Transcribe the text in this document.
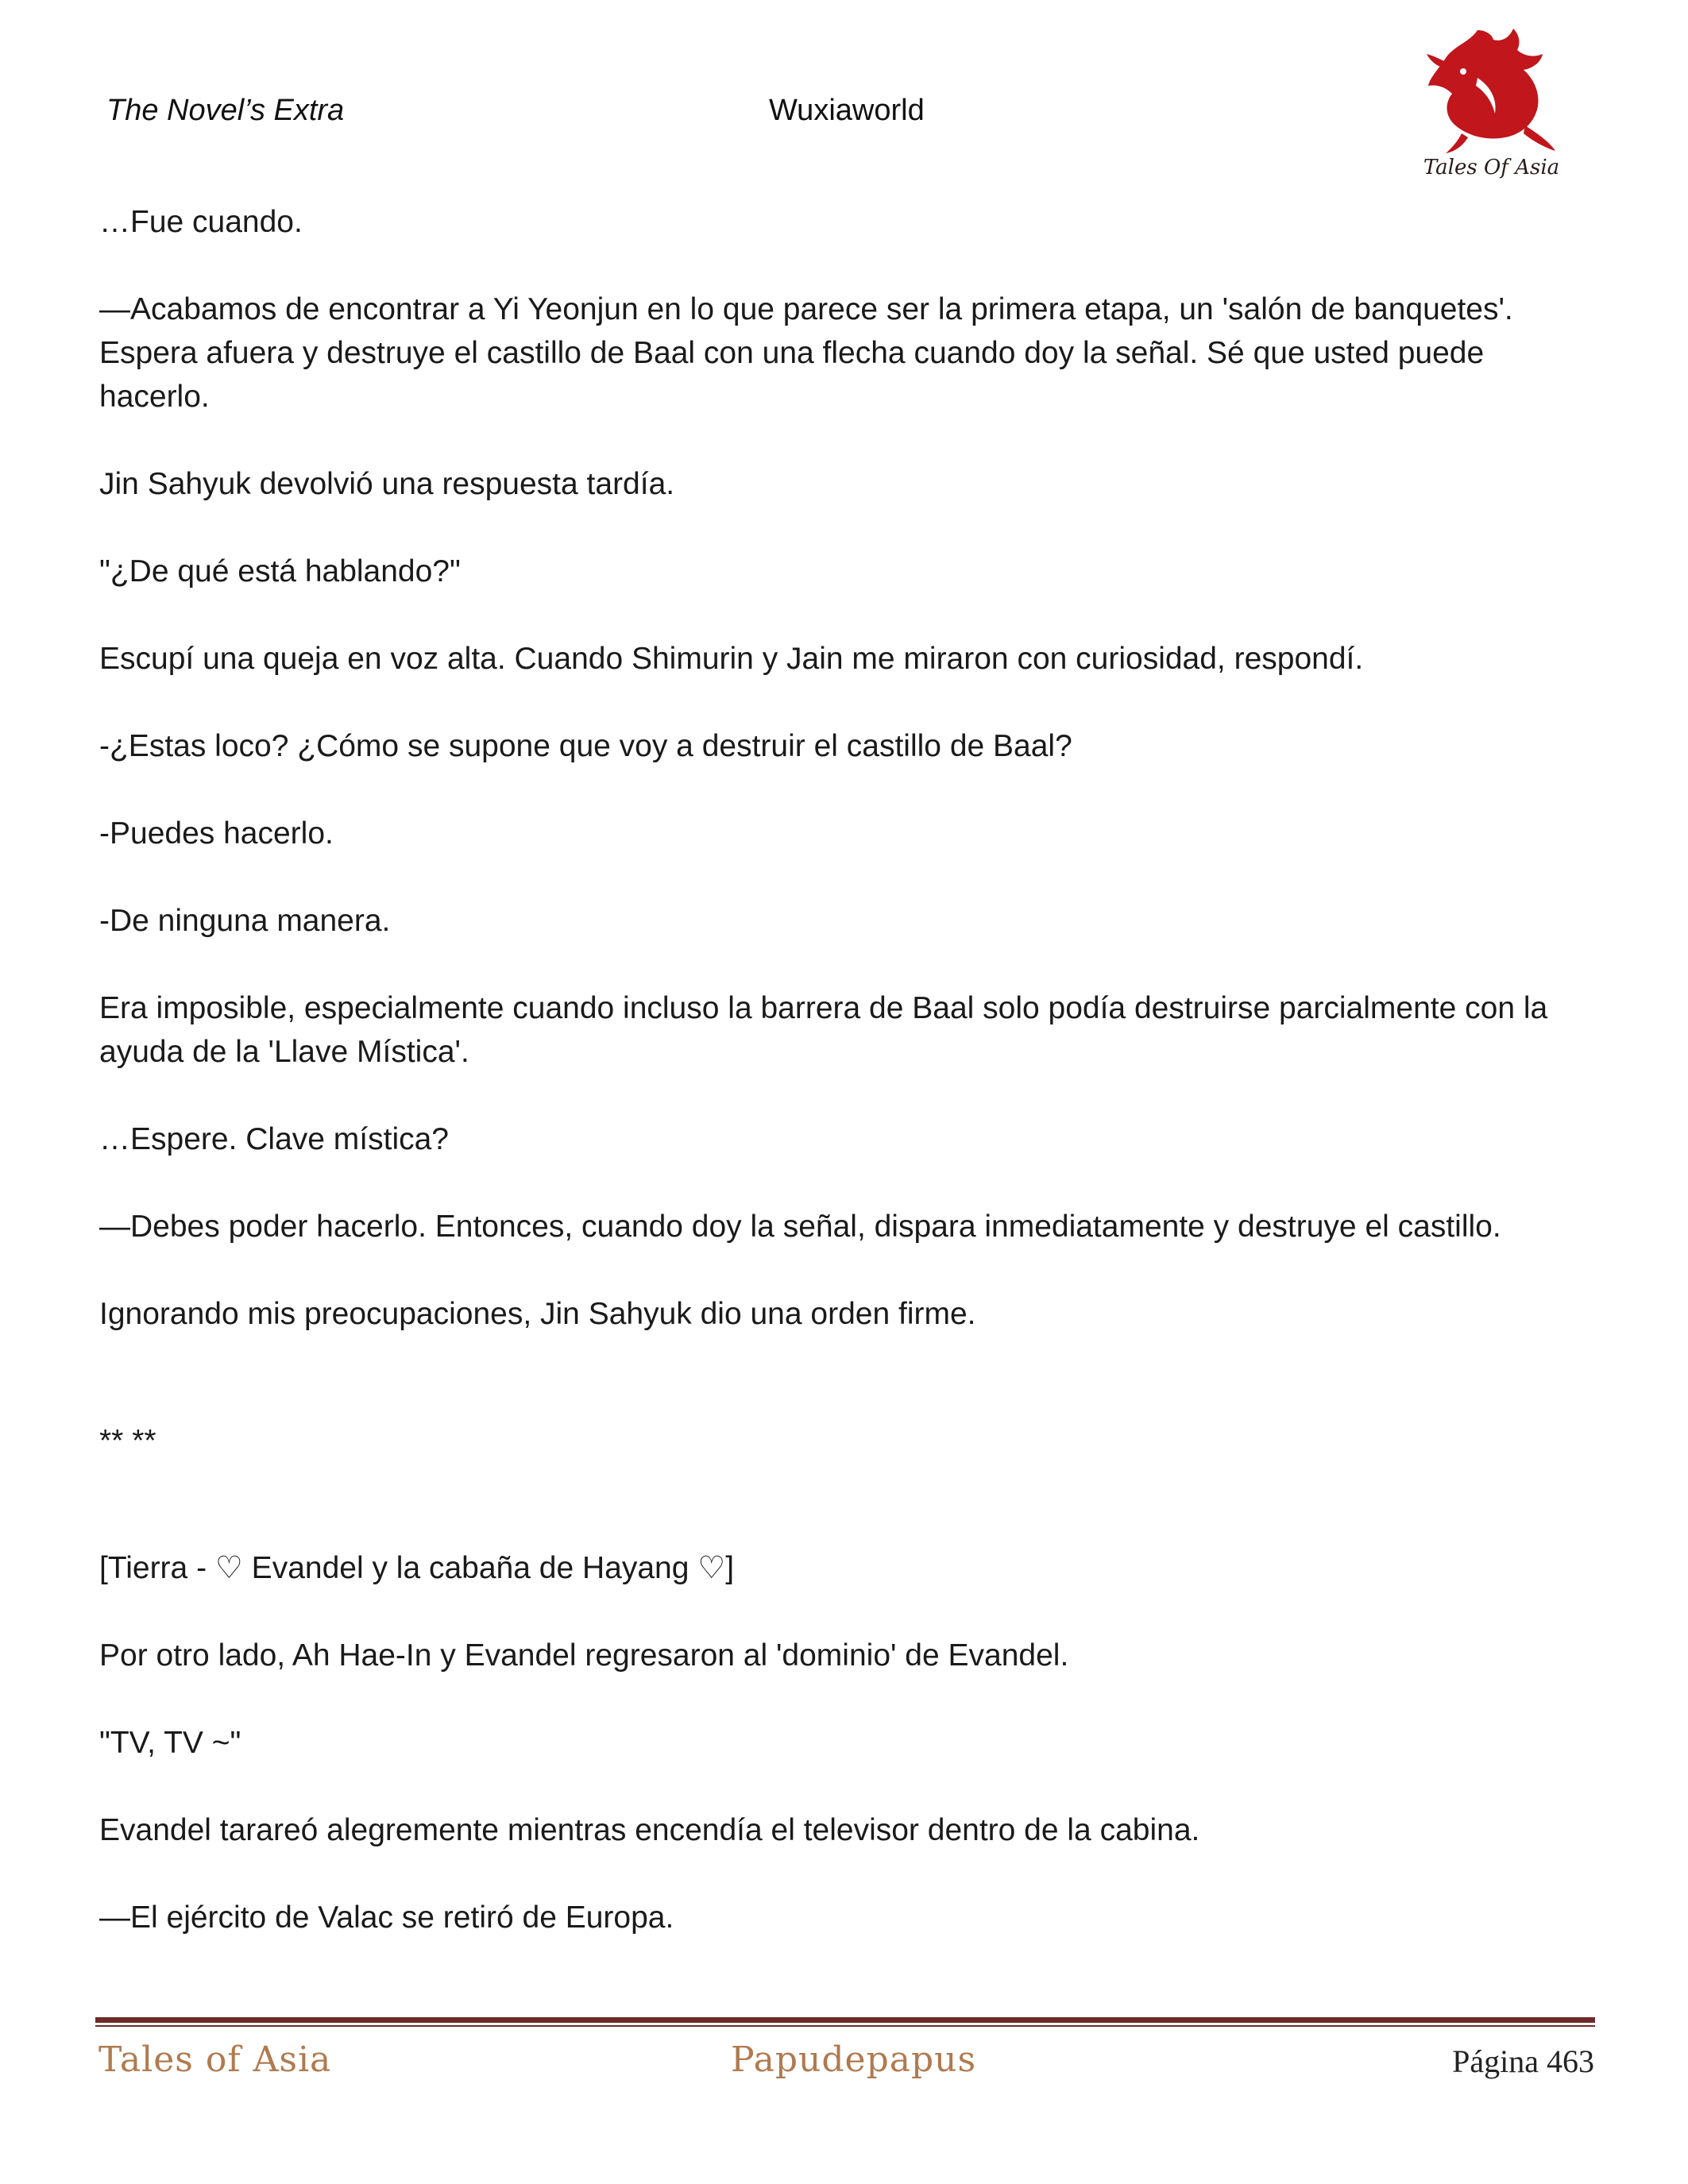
The Novel’s Extra	Wuxiaworld
Tales Of Asia

…Fue cuando.

—Acabamos de encontrar a Yi Yeonjun en lo que parece ser la primera etapa, un 'salón de banquetes'. Espera afuera y destruye el castillo de Baal con una flecha cuando doy la señal. Sé que usted puede hacerlo.

Jin Sahyuk devolvió una respuesta tardía.

"¿De qué está hablando?"

Escupí una queja en voz alta. Cuando Shimurin y Jain me miraron con curiosidad, respondí.

-¿Estas loco? ¿Cómo se supone que voy a destruir el castillo de Baal?

-Puedes hacerlo.

-De ninguna manera.

Era imposible, especialmente cuando incluso la barrera de Baal solo podía destruirse parcialmente con la ayuda de la 'Llave Mística'.

…Espere. Clave mística?

—Debes poder hacerlo. Entonces, cuando doy la señal, dispara inmediatamente y destruye el castillo.

Ignorando mis preocupaciones, Jin Sahyuk dio una orden firme.

** **

[Tierra - ♡ Evandel y la cabaña de Hayang ♡]

Por otro lado, Ah Hae-In y Evandel regresaron al 'dominio' de Evandel.

"TV, TV ~"

Evandel tarareó alegremente mientras encendía el televisor dentro de la cabina.

—El ejército de Valac se retiró de Europa.

Tales of Asia	Papudepapus	Página 463
